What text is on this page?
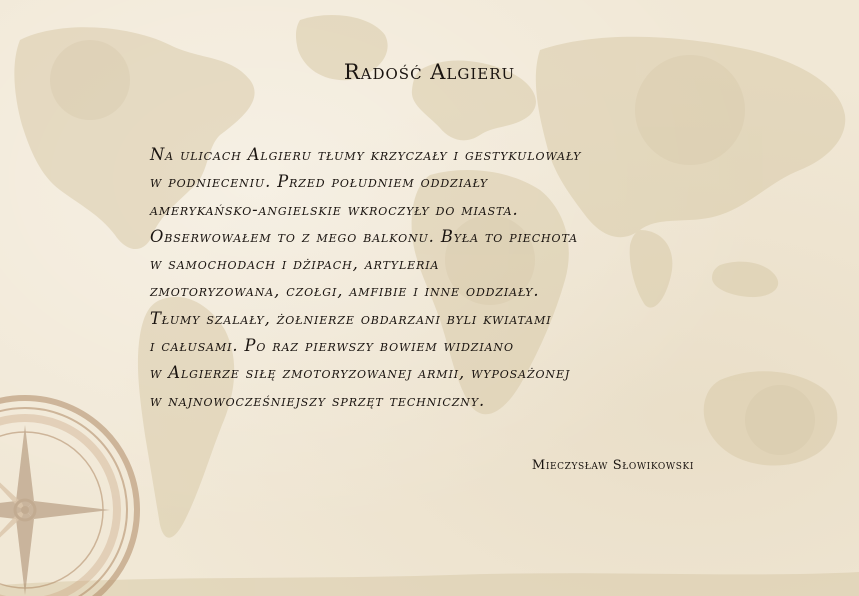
Radość Algieru
Na ulicach Algieru tłumy krzyczały i gestykulowały
w podnieceniu. Przed południem oddziały
amerykańsko-angielskie wkroczyły do miasta.
Obserwowałem to z mego balkonu. Była to piechota
w samochodach i dżipach, artyleria
zmotoryzowana, czołgi, amfibie i inne oddziały.
Tłumy szalały, żołnierze obdarzani byli kwiatami
i całusami. Po raz pierwszy bowiem widziano
w Algierze siłę zmotoryzowanej armii, wyposażonej
w najnowocześniejszy sprzęt techniczny.
Mieczysław Słowikowski
